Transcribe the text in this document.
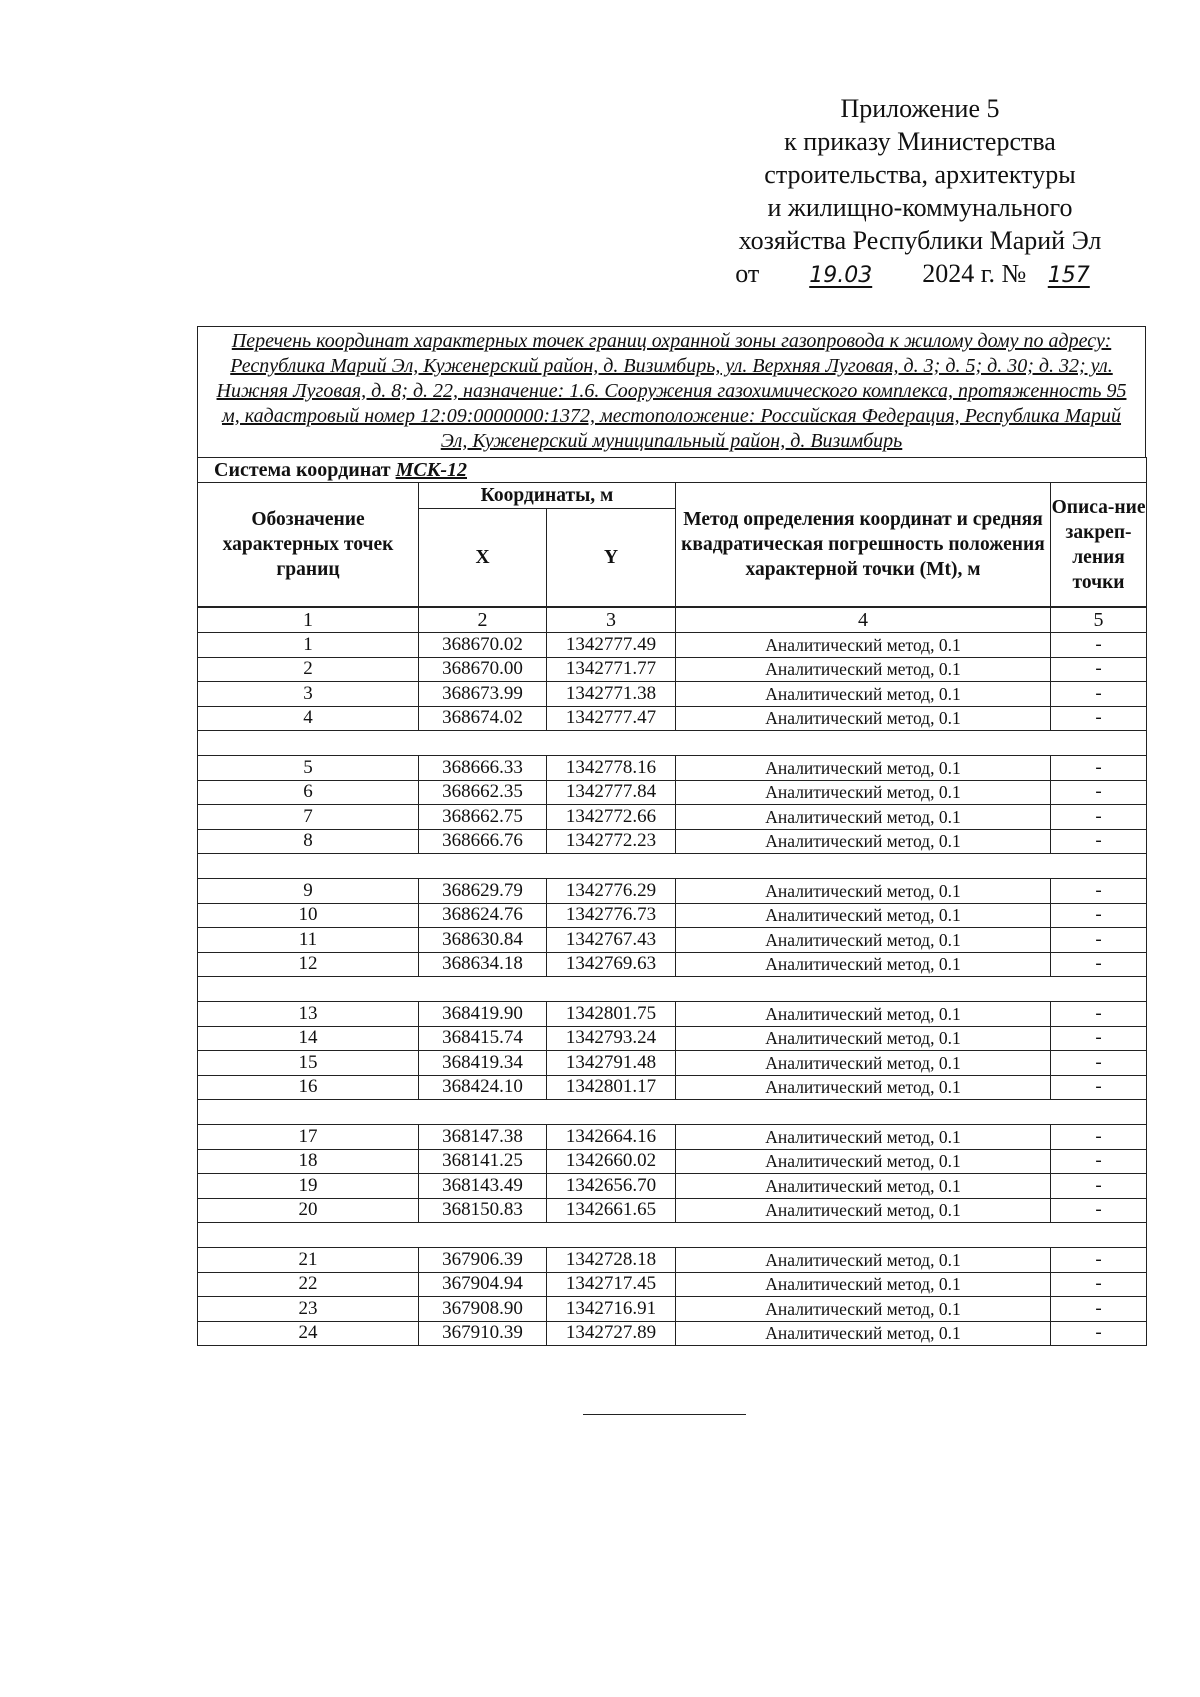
Приложение 5
к приказу Министерства
строительства, архитектуры
и жилищно-коммунального
хозяйства Республики Марий Эл
от 19.03 2024 г. № 157
Перечень координат характерных точек границ охранной зоны газопровода к жилому дому по адресу: Республика Марий Эл, Куженерский район, д. Визимбирь, ул. Верхняя Луговая, д. 3; д. 5; д. 30; д. 32; ул. Нижняя Луговая, д. 8; д. 22, назначение: 1.6. Сооружения газохимического комплекса, протяженность 95 м, кадастровый номер 12:09:0000000:1372, местоположение: Российская Федерация, Республика Марий Эл, Куженерский муниципальный район, д. Визимбирь
Система координат МСК-12				
Обозначение характерных точек границ	Координаты, м		Метод определения координат и средняя квадратическая погрешность положения характерной точки (Mt), м	Описа-ние закреп-ления точки
	X	Y		
1	2	3	4	5
1	368670.02	1342777.49	Аналитический метод, 0.1	-
2	368670.00	1342771.77	Аналитический метод, 0.1	-
3	368673.99	1342771.38	Аналитический метод, 0.1	-
4	368674.02	1342777.47	Аналитический метод, 0.1	-

5	368666.33	1342778.16	Аналитический метод, 0.1	-
6	368662.35	1342777.84	Аналитический метод, 0.1	-
7	368662.75	1342772.66	Аналитический метод, 0.1	-
8	368666.76	1342772.23	Аналитический метод, 0.1	-

9	368629.79	1342776.29	Аналитический метод, 0.1	-
10	368624.76	1342776.73	Аналитический метод, 0.1	-
11	368630.84	1342767.43	Аналитический метод, 0.1	-
12	368634.18	1342769.63	Аналитический метод, 0.1	-

13	368419.90	1342801.75	Аналитический метод, 0.1	-
14	368415.74	1342793.24	Аналитический метод, 0.1	-
15	368419.34	1342791.48	Аналитический метод, 0.1	-
16	368424.10	1342801.17	Аналитический метод, 0.1	-

17	368147.38	1342664.16	Аналитический метод, 0.1	-
18	368141.25	1342660.02	Аналитический метод, 0.1	-
19	368143.49	1342656.70	Аналитический метод, 0.1	-
20	368150.83	1342661.65	Аналитический метод, 0.1	-

21	367906.39	1342728.18	Аналитический метод, 0.1	-
22	367904.94	1342717.45	Аналитический метод, 0.1	-
23	367908.90	1342716.91	Аналитический метод, 0.1	-
24	367910.39	1342727.89	Аналитический метод, 0.1	-
